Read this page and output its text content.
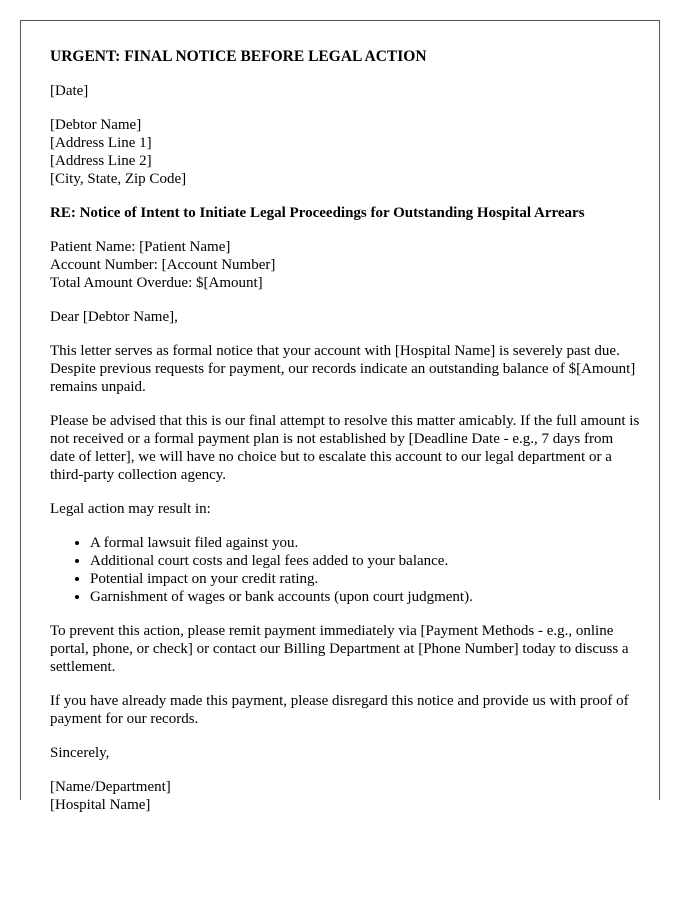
URGENT: FINAL NOTICE BEFORE LEGAL ACTION

[Date]

[Debtor Name]
[Address Line 1]
[Address Line 2]
[City, State, Zip Code]

RE: Notice of Intent to Initiate Legal Proceedings for Outstanding Hospital Arrears

Patient Name: [Patient Name]
Account Number: [Account Number]
Total Amount Overdue: $[Amount]

Dear [Debtor Name],

This letter serves as formal notice that your account with [Hospital Name] is severely past due. Despite previous requests for payment, our records indicate an outstanding balance of $[Amount] remains unpaid.

Please be advised that this is our final attempt to resolve this matter amicably. If the full amount is not received or a formal payment plan is not established by [Deadline Date - e.g., 7 days from date of letter], we will have no choice but to escalate this account to our legal department or a third-party collection agency.

Legal action may result in:

• A formal lawsuit filed against you.
• Additional court costs and legal fees added to your balance.
• Potential impact on your credit rating.
• Garnishment of wages or bank accounts (upon court judgment).

To prevent this action, please remit payment immediately via [Payment Methods - e.g., online portal, phone, or check] or contact our Billing Department at [Phone Number] today to discuss a settlement.

If you have already made this payment, please disregard this notice and provide us with proof of payment for our records.

Sincerely,

[Name/Department]
[Hospital Name]
